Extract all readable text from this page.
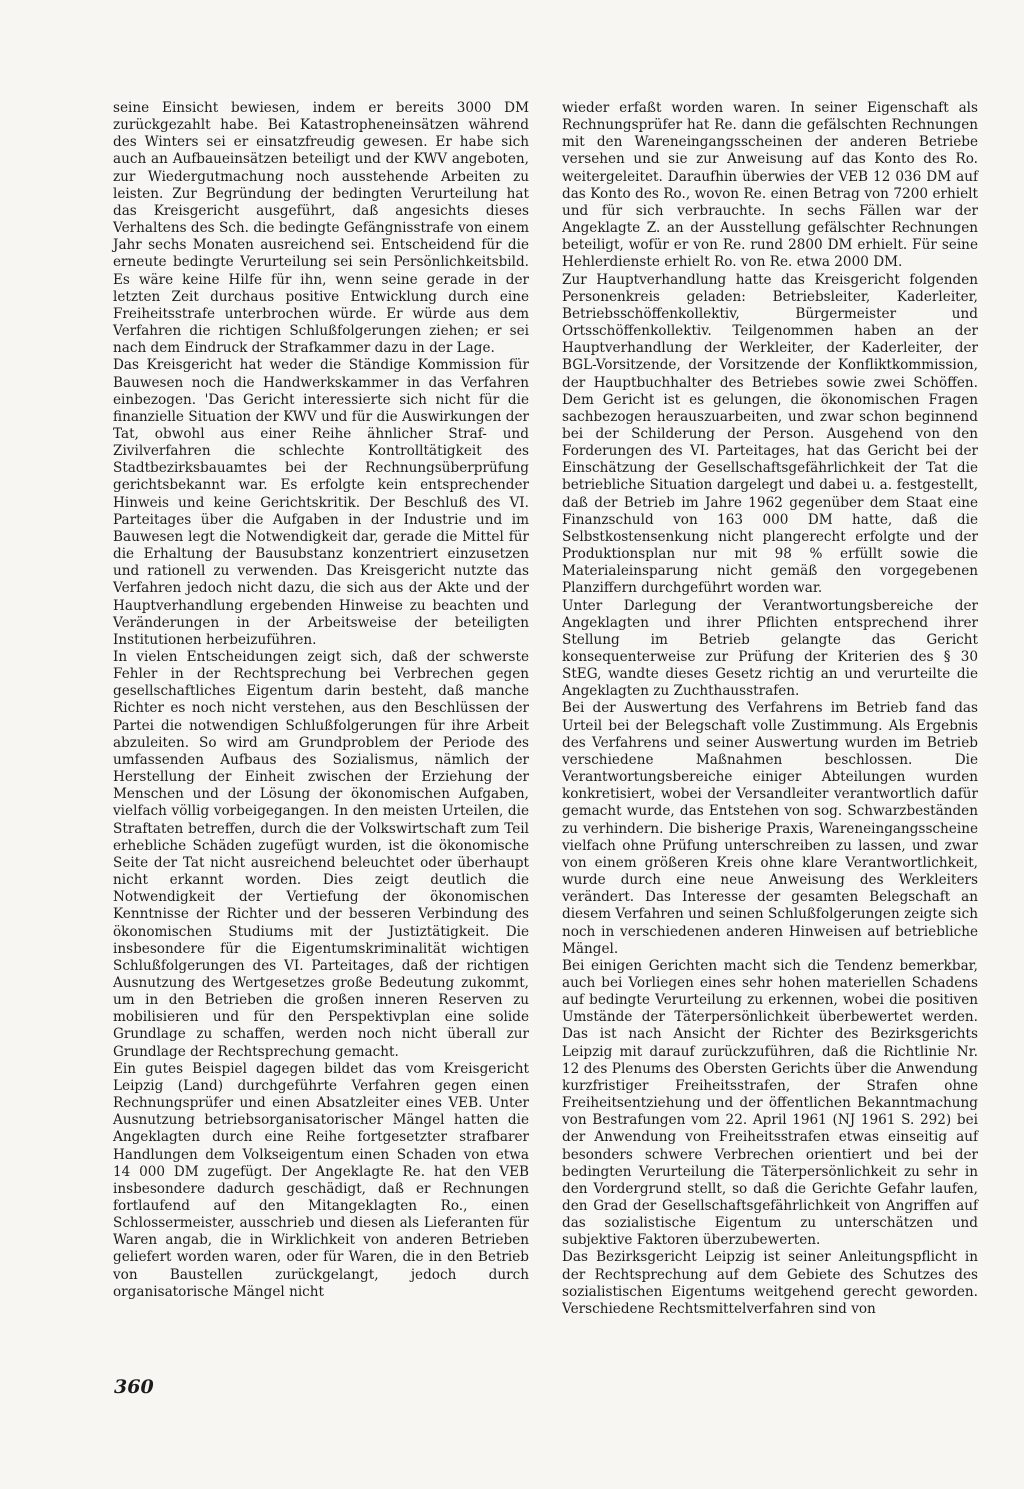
seine Einsicht bewiesen, indem er bereits 3000 DM zurückgezahlt habe. Bei Katastropheneinsätzen während des Winters sei er einsatzfreudig gewesen. Er habe sich auch an Aufbaueinsätzen beteiligt und der KWV angeboten, zur Wiedergutmachung noch ausstehende Arbeiten zu leisten. Zur Begründung der bedingten Verurteilung hat das Kreisgericht ausgeführt, daß angesichts dieses Verhaltens des Sch. die bedingte Gefängnisstrafe von einem Jahr sechs Monaten ausreichend sei. Entscheidend für die erneute bedingte Verurteilung sei sein Persönlichkeitsbild. Es wäre keine Hilfe für ihn, wenn seine gerade in der letzten Zeit durchaus positive Entwicklung durch eine Freiheitsstrafe unterbrochen würde. Er würde aus dem Verfahren die richtigen Schlußfolgerungen ziehen; er sei nach dem Eindruck der Strafkammer dazu in der Lage.

Das Kreisgericht hat weder die Ständige Kommission für Bauwesen noch die Handwerkskammer in das Verfahren einbezogen. 'Das Gericht interessierte sich nicht für die finanzielle Situation der KWV und für die Auswirkungen der Tat, obwohl aus einer Reihe ähnlicher Straf- und Zivilverfahren die schlechte Kontrolltätigkeit des Stadtbezirksbauamtes bei der Rechnungsüberprüfung gerichtsbekannt war. Es erfolgte kein entsprechender Hinweis und keine Gerichtskritik. Der Beschluß des VI. Parteitages über die Aufgaben in der Industrie und im Bauwesen legt die Notwendigkeit dar, gerade die Mittel für die Erhaltung der Bausubstanz konzentriert einzusetzen und rationell zu verwenden. Das Kreisgericht nutzte das Verfahren jedoch nicht dazu, die sich aus der Akte und der Hauptverhandlung ergebenden Hinweise zu beachten und Veränderungen in der Arbeitsweise der beteiligten Institutionen herbeizuführen.

In vielen Entscheidungen zeigt sich, daß der schwerste Fehler in der Rechtsprechung bei Verbrechen gegen gesellschaftliches Eigentum darin besteht, daß manche Richter es noch nicht verstehen, aus den Beschlüssen der Partei die notwendigen Schlußfolgerungen für ihre Arbeit abzuleiten. So wird am Grundproblem der Periode des umfassenden Aufbaus des Sozialismus, nämlich der Herstellung der Einheit zwischen der Erziehung der Menschen und der Lösung der ökonomischen Aufgaben, vielfach völlig vorbeigegangen. In den meisten Urteilen, die Straftaten betreffen, durch die der Volkswirtschaft zum Teil erhebliche Schäden zugefügt wurden, ist die ökonomische Seite der Tat nicht ausreichend beleuchtet oder überhaupt nicht erkannt worden. Dies zeigt deutlich die Notwendigkeit der Vertiefung der ökonomischen Kenntnisse der Richter und der besseren Verbindung des ökonomischen Studiums mit der Justiztätigkeit. Die insbesondere für die Eigentumskriminalität wichtigen Schlußfolgerungen des VI. Parteitages, daß der richtigen Ausnutzung des Wertgesetzes große Bedeutung zukommt, um in den Betrieben die großen inneren Reserven zu mobilisieren und für den Perspektivplan eine solide Grundlage zu schaffen, werden noch nicht überall zur Grundlage der Rechtsprechung gemacht.

Ein gutes Beispiel dagegen bildet das vom Kreisgericht Leipzig (Land) durchgeführte Verfahren gegen einen Rechnungsprüfer und einen Absatzleiter eines VEB. Unter Ausnutzung betriebsorganisatorischer Mängel hatten die Angeklagten durch eine Reihe fortgesetzter strafbarer Handlungen dem Volkseigentum einen Schaden von etwa 14 000 DM zugefügt. Der Angeklagte Re. hat den VEB insbesondere dadurch geschädigt, daß er Rechnungen fortlaufend auf den Mitangeklagten Ro., einen Schlossermeister, ausschrieb und diesen als Lieferanten für Waren angab, die in Wirklichkeit von anderen Betrieben geliefert worden waren, oder für Waren, die in den Betrieb von Baustellen zurückgelangt, jedoch durch organisatorische Mängel nicht

wieder erfaßt worden waren. In seiner Eigenschaft als Rechnungsprüfer hat Re. dann die gefälschten Rechnungen mit den Wareneingangsscheinen der anderen Betriebe versehen und sie zur Anweisung auf das Konto des Ro. weitergeleitet. Daraufhin überwies der VEB 12 036 DM auf das Konto des Ro., wovon Re. einen Betrag von 7200 erhielt und für sich verbrauchte. In sechs Fällen war der Angeklagte Z. an der Ausstellung gefälschter Rechnungen beteiligt, wofür er von Re. rund 2800 DM erhielt. Für seine Hehlerdienste erhielt Ro. von Re. etwa 2000 DM.

Zur Hauptverhandlung hatte das Kreisgericht folgenden Personenkreis geladen: Betriebsleiter, Kaderleiter, Betriebsschöffenkollektiv, Bürgermeister und Ortsschöffenkollektiv. Teilgenommen haben an der Hauptverhandlung der Werkleiter, der Kaderleiter, der BGL-Vorsitzende, der Vorsitzende der Konfliktkommission, der Hauptbuchhalter des Betriebes sowie zwei Schöffen. Dem Gericht ist es gelungen, die ökonomischen Fragen sachbezogen herauszuarbeiten, und zwar schon beginnend bei der Schilderung der Person. Ausgehend von den Forderungen des VI. Parteitages, hat das Gericht bei der Einschätzung der Gesellschaftsgefährlichkeit der Tat die betriebliche Situation dargelegt und dabei u. a. festgestellt, daß der Betrieb im Jahre 1962 gegenüber dem Staat eine Finanzschuld von 163 000 DM hatte, daß die Selbstkostensenkung nicht plangerecht erfolgte und der Produktionsplan nur mit 98 % erfüllt sowie die Materialeinsparung nicht gemäß den vorgegebenen Planziffern durchgeführt worden war.

Unter Darlegung der Verantwortungsbereiche der Angeklagten und ihrer Pflichten entsprechend ihrer Stellung im Betrieb gelangte das Gericht konsequenterweise zur Prüfung der Kriterien des § 30 StEG, wandte dieses Gesetz richtig an und verurteilte die Angeklagten zu Zuchthausstrafen.

Bei der Auswertung des Verfahrens im Betrieb fand das Urteil bei der Belegschaft volle Zustimmung. Als Ergebnis des Verfahrens und seiner Auswertung wurden im Betrieb verschiedene Maßnahmen beschlossen. Die Verantwortungsbereiche einiger Abteilungen wurden konkretisiert, wobei der Versandleiter verantwortlich dafür gemacht wurde, das Entstehen von sog. Schwarzbeständen zu verhindern. Die bisherige Praxis, Wareneingangsscheine vielfach ohne Prüfung unterschreiben zu lassen, und zwar von einem größeren Kreis ohne klare Verantwortlichkeit, wurde durch eine neue Anweisung des Werkleiters verändert. Das Interesse der gesamten Belegschaft an diesem Verfahren und seinen Schlußfolgerungen zeigte sich noch in verschiedenen anderen Hinweisen auf betriebliche Mängel.

Bei einigen Gerichten macht sich die Tendenz bemerkbar, auch bei Vorliegen eines sehr hohen materiellen Schadens auf bedingte Verurteilung zu erkennen, wobei die positiven Umstände der Täterpersönlichkeit überbewertet werden. Das ist nach Ansicht der Richter des Bezirksgerichts Leipzig mit darauf zurückzuführen, daß die Richtlinie Nr. 12 des Plenums des Obersten Gerichts über die Anwendung kurzfristiger Freiheitsstrafen, der Strafen ohne Freiheitsentziehung und der öffentlichen Bekanntmachung von Bestrafungen vom 22. April 1961 (NJ 1961 S. 292) bei der Anwendung von Freiheitsstrafen etwas einseitig auf besonders schwere Verbrechen orientiert und bei der bedingten Verurteilung die Täterpersönlichkeit zu sehr in den Vordergrund stellt, so daß die Gerichte Gefahr laufen, den Grad der Gesellschaftsgefährlichkeit von Angriffen auf das sozialistische Eigentum zu unterschätzen und subjektive Faktoren überzubewerten.

Das Bezirksgericht Leipzig ist seiner Anleitungspflicht in der Rechtsprechung auf dem Gebiete des Schutzes des sozialistischen Eigentums weitgehend gerecht geworden. Verschiedene Rechtsmittelverfahren sind von

360
